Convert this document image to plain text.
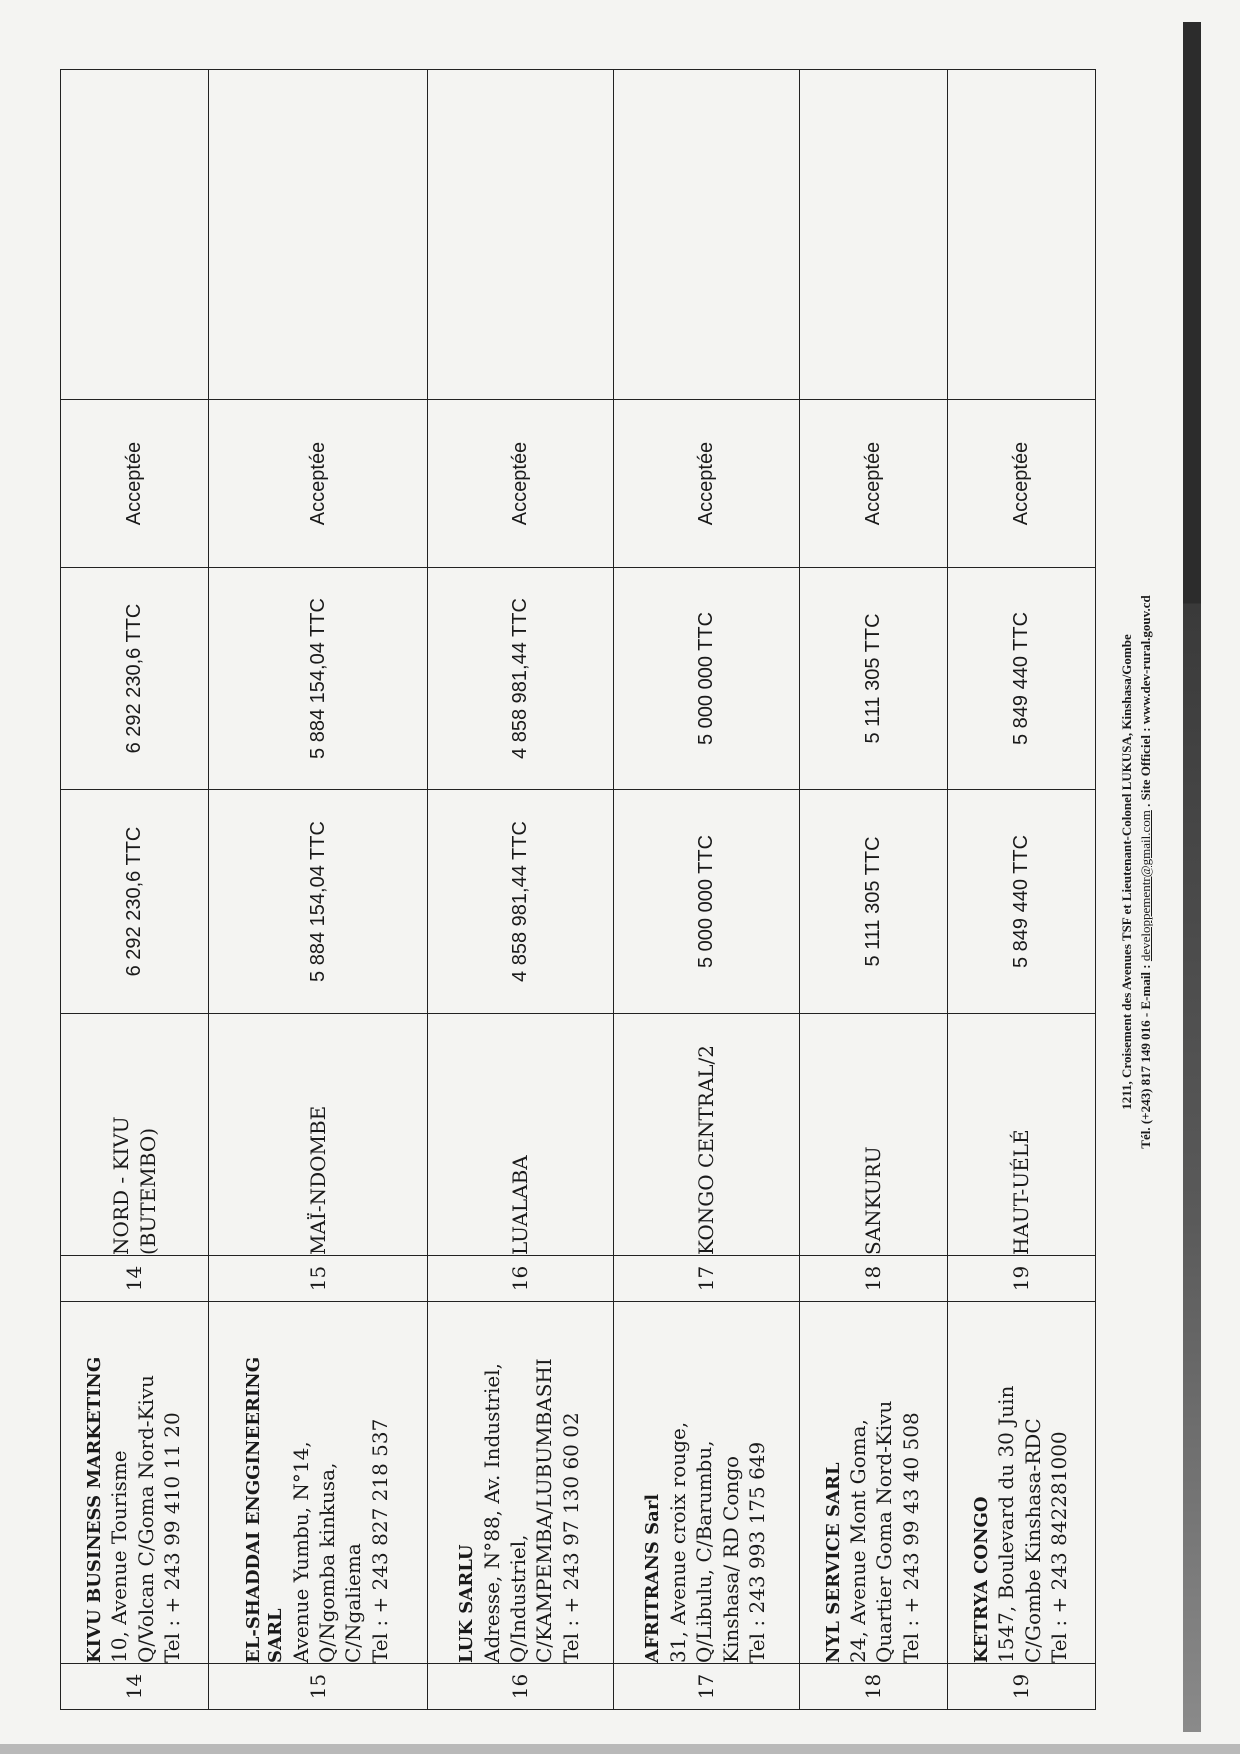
14	KIVU BUSINESS MARKETING 10, Avenue Tourisme Q/Volcan C/Goma Nord-Kivu Tel : + 243 99 410 11 20	14	NORD - KIVU (BUTEMBO)	6 292 230,6 TTC	6 292 230,6 TTC	Acceptée	
15	EL-SHADDAI ENGGINEERING SARL Avenue Yumbu, N°14, Q/Ngomba kinkusa, C/Ngaliema Tel : + 243 827 218 537	15	MAÏ-NDOMBE	5 884 154,04 TTC	5 884 154,04 TTC	Acceptée	
16	LUK SARLU Adresse, N°88, Av. Industriel, Q/Industriel, C/KAMPEMBA/LUBUMBASHI Tel : + 243 97 130 60 02	16	LUALABA	4 858 981,44 TTC	4 858 981,44 TTC	Acceptée	
17	AFRITRANS Sarl 31, Avenue croix rouge, Q/Libulu, C/Barumbu, Kinshasa/ RD Congo Tel : 243 993 175 649	17	KONGO CENTRAL/2	5 000 000 TTC	5 000 000 TTC	Acceptée	
18	NYL SERVICE SARL 24, Avenue Mont Goma, Quartier Goma Nord-Kivu Tel : + 243 99 43 40 508	18	SANKURU	5 111 305 TTC	5 111 305 TTC	Acceptée	
19	KETRYA CONGO 1547, Boulevard du 30 Juin C/Gombe Kinshasa-RDC Tel : + 243 842281000	19	HAUT-UÉLÉ	5 849 440 TTC	5 849 440 TTC	Acceptée	
1211, Croisement des Avenues TSF et Lieutenant-Colonel LUKUSA, Kinshasa/Gombe Tél. (+243) 817 149 016 - E-mail : developpementr@gmail.com . Site Officiel : www.dev-rural.gouv.cd
